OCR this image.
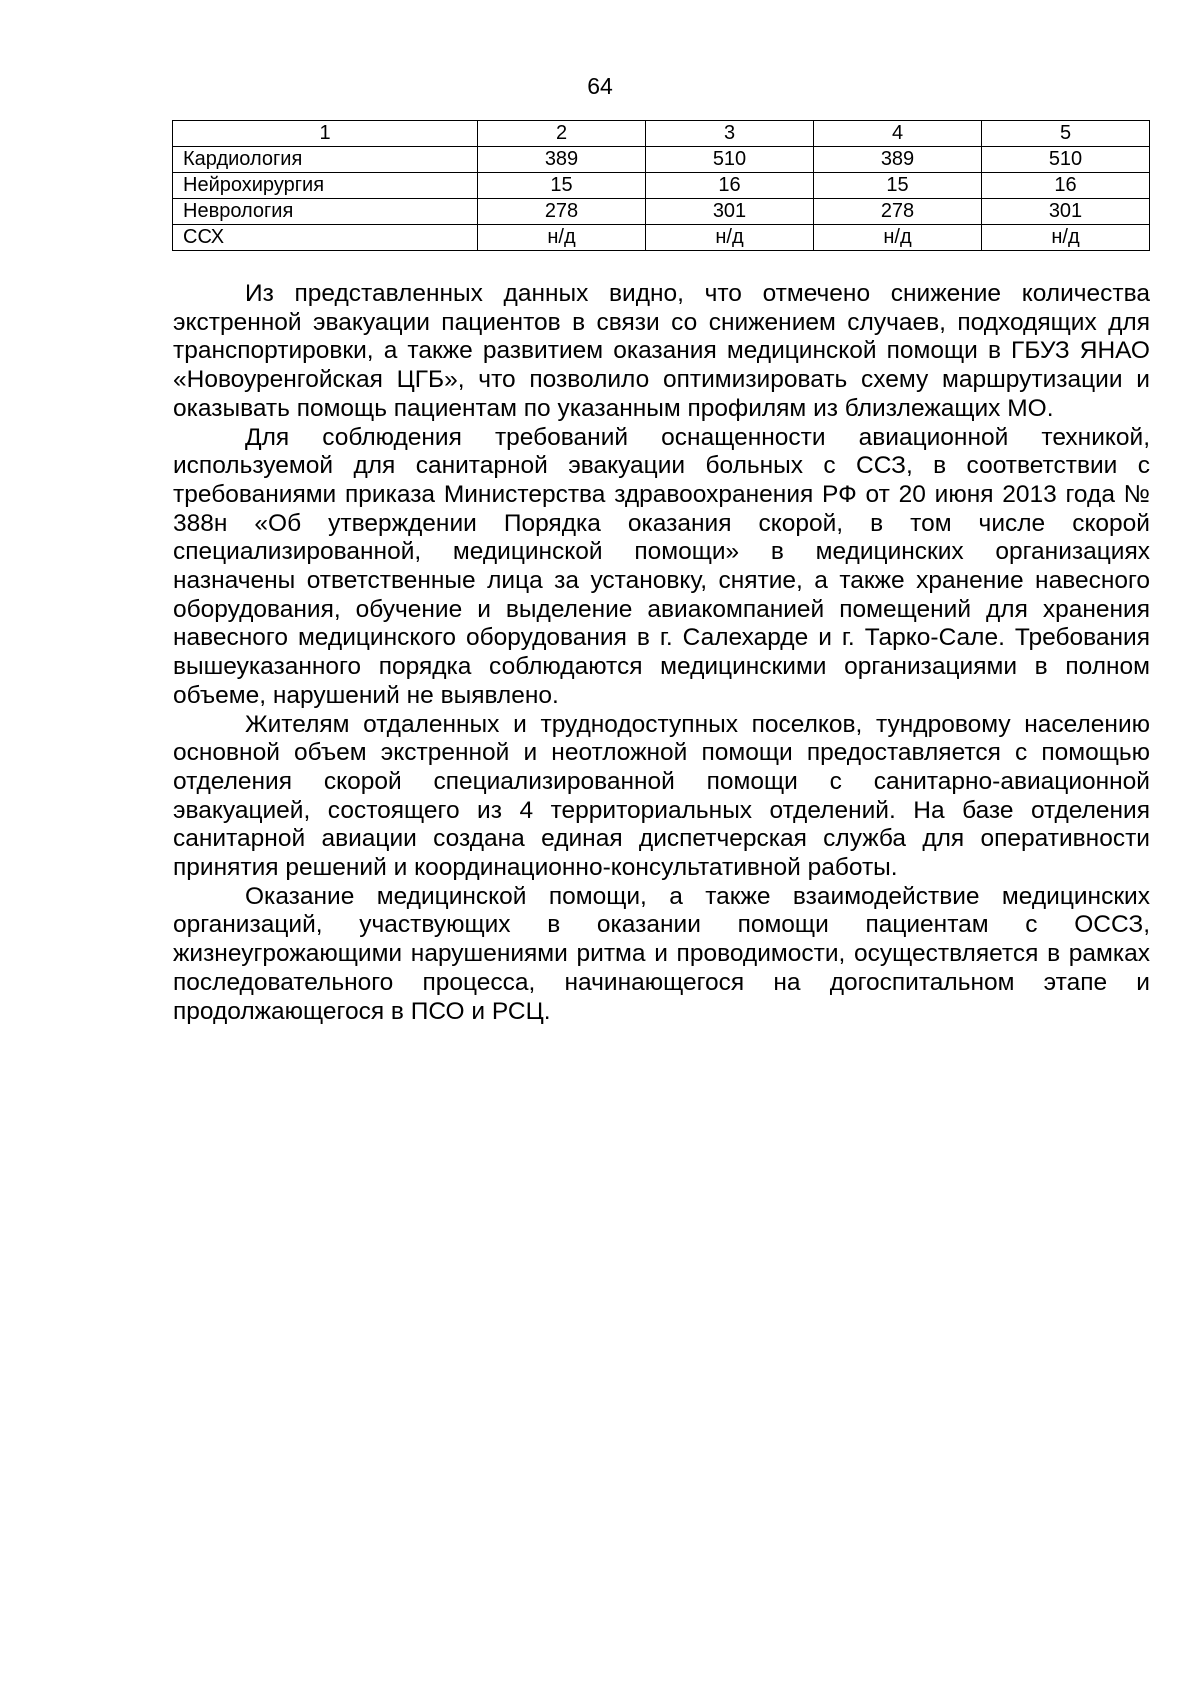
64
1	2	3	4	5
Кардиология	389	510	389	510
Нейрохирургия	15	16	15	16
Неврология	278	301	278	301
ССХ	н/д	н/д	н/д	н/д

Из представленных данных видно, что отмечено снижение количества экстренной эвакуации пациентов в связи со снижением случаев, подходящих для транспортировки, а также развитием оказания медицинской помощи в ГБУЗ ЯНАО «Новоуренгойская ЦГБ», что позволило оптимизировать схему маршрутизации и оказывать помощь пациентам по указанным профилям из близлежащих МО.

Для соблюдения требований оснащенности авиационной техникой, используемой для санитарной эвакуации больных с ССЗ, в соответствии с требованиями приказа Министерства здравоохранения РФ от 20 июня 2013 года № 388н «Об утверждении Порядка оказания скорой, в том числе скорой специализированной, медицинской помощи» в медицинских организациях назначены ответственные лица за установку, снятие, а также хранение навесного оборудования, обучение и выделение авиакомпанией помещений для хранения навесного медицинского оборудования в г. Салехарде и г. Тарко-Сале. Требования вышеуказанного порядка соблюдаются медицинскими организациями в полном объеме, нарушений не выявлено.

Жителям отдаленных и труднодоступных поселков, тундровому населению основной объем экстренной и неотложной помощи предоставляется с помощью отделения скорой специализированной помощи с санитарно-авиационной эвакуацией, состоящего из 4 территориальных отделений. На базе отделения санитарной авиации создана единая диспетчерская служба для оперативности принятия решений и координационно-консультативной работы.

Оказание медицинской помощи, а также взаимодействие медицинских организаций, участвующих в оказании помощи пациентам с ОССЗ, жизнеугрожающими нарушениями ритма и проводимости, осуществляется в рамках последовательного процесса, начинающегося на догоспитальном этапе и продолжающегося в ПСО и РСЦ.
